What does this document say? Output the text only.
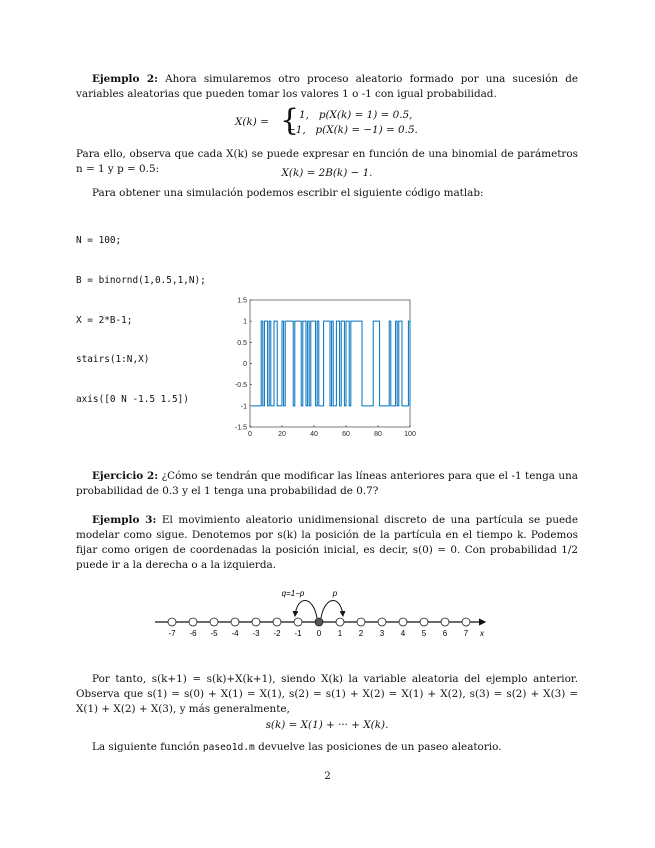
Ejemplo 2: Ahora simularemos otro proceso aleatorio formado por una sucesión de variables aleatorias que pueden tomar los valores 1 o -1 con igual probabilidad.
X(k) = { 1,   p(X(k) = 1) = 0.5,
−1,   p(X(k) = −1) = 0.5.
Para ello, observa que cada X(k) se puede expresar en función de una binomial de parámetros n = 1 y p = 0.5:	X(k) = 2B(k) − 1.
Para obtener una simulación podemos escribir el siguiente código matlab:

N = 100;

B = binornd(1,0.5,1,N);

X = 2*B-1;

stairs(1:N,X)

axis([0 N -1.5 1.5])

0	20	40	60	80	100
1.5
1
0.5
0
-0.5
-1
-1.5
Ejercicio 2: ¿Cómo se tendrán que modificar las líneas anteriores para que el -1 tenga una probabilidad de 0.3 y el 1 tenga una probabilidad de 0.7?
Ejemplo 3: El movimiento aleatorio unidimensional discreto de una partícula se puede modelar como sigue. Denotemos por s(k) la posición de la partícula en el tiempo k. Podemos fijar como origen de coordenadas la posición inicial, es decir, s(0) = 0. Con probabilidad 1/2 puede ir a la derecha o a la izquierda.
-7 -6 -5 -4 -3 -2 -1 0 1 2 3 4 5 6 7 x
q=1−p	p
Por tanto, s(k+1) = s(k)+X(k+1), siendo X(k) la variable aleatoria del ejemplo anterior. Observa que s(1) = s(0) + X(1) = X(1), s(2) = s(1) + X(2) = X(1) + X(2), s(3) = s(2) + X(3) = X(1) + X(2) + X(3), y más generalmente,
s(k) = X(1) + ··· + X(k).
La siguiente función paseo1d.m devuelve las posiciones de un paseo aleatorio.
2
